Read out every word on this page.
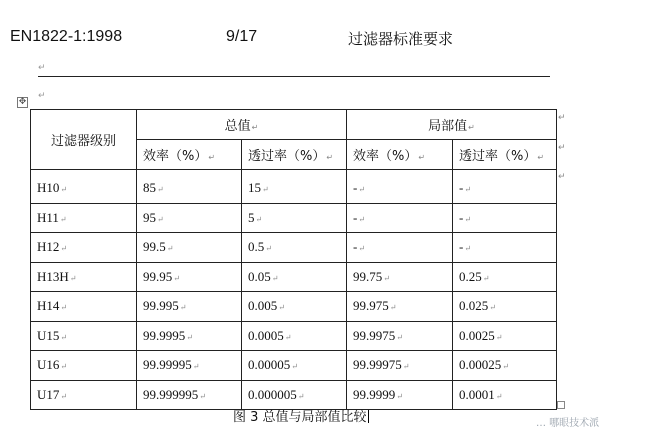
EN1822-1:1998	9/17	过滤器标准要求
↵
↵
✥
过滤器级别	总值↵		局部值↵	
	效率（%）↵	透过率（%）↵	效率（%）↵	透过率（%）↵
H10↵	85↵	15↵	-↵	-↵
H11↵	95↵	5↵	-↵	-↵
H12↵	99.5↵	0.5↵	-↵	-↵
H13H↵	99.95↵	0.05↵	99.75↵	0.25↵
H14↵	99.995↵	0.005↵	99.975↵	0.025↵
U15↵	99.9995↵	0.0005↵	99.9975↵	0.0025↵
U16↵	99.99995↵	0.00005↵	99.99975↵	0.00025↵
U17↵	99.999995↵	0.000005↵	99.9999↵	0.0001↵
↵
↵
↵
图 3 总值与局部值比较	… 哪眼技术派
